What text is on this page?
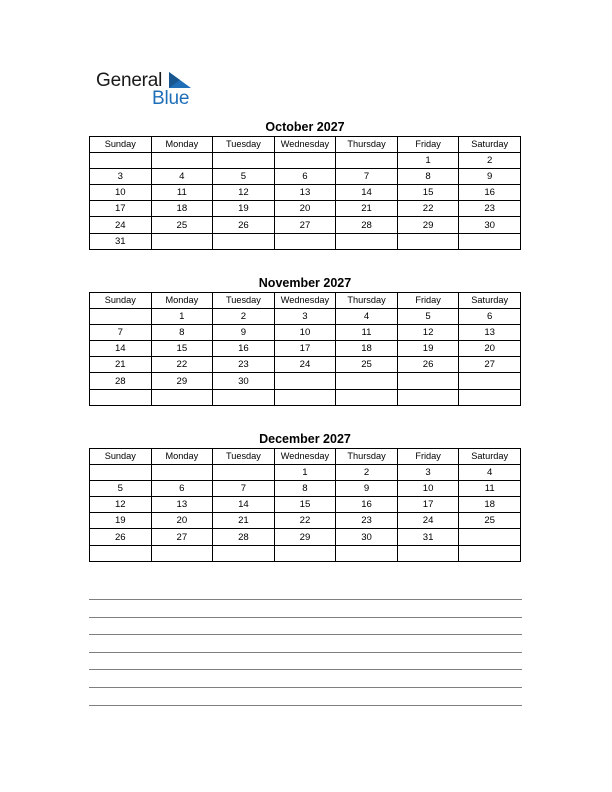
General
Blue
October 2027
Sunday	Monday	Tuesday	Wednesday	Thursday	Friday	Saturday
					1	2
3	4	5	6	7	8	9
10	11	12	13	14	15	16
17	18	19	20	21	22	23
24	25	26	27	28	29	30
31						
November 2027
Sunday	Monday	Tuesday	Wednesday	Thursday	Friday	Saturday
	1	2	3	4	5	6
7	8	9	10	11	12	13
14	15	16	17	18	19	20
21	22	23	24	25	26	27
28	29	30				

December 2027
Sunday	Monday	Tuesday	Wednesday	Thursday	Friday	Saturday
			1	2	3	4
5	6	7	8	9	10	11
12	13	14	15	16	17	18
19	20	21	22	23	24	25
26	27	28	29	30	31	
